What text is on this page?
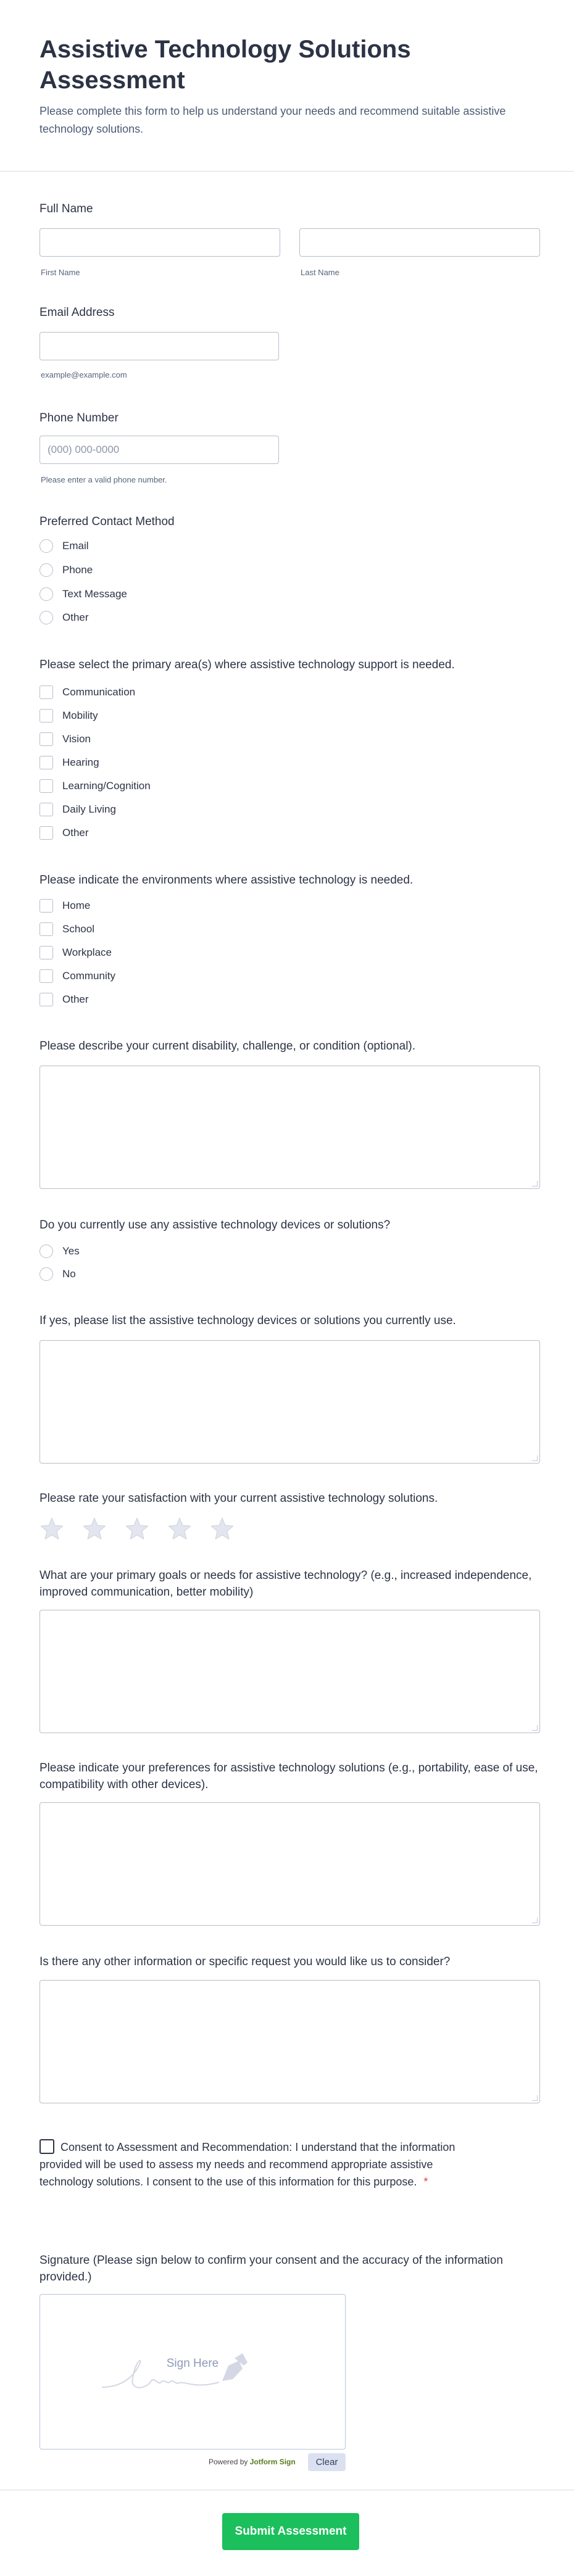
Assistive Technology Solutions Assessment
Please complete this form to help us understand your needs and recommend suitable assistive technology solutions.
Full Name
First Name	Last Name
Email Address
example@example.com
Phone Number
(000) 000-0000
Please enter a valid phone number.
Preferred Contact Method
Email
Phone
Text Message
Other
Please select the primary area(s) where assistive technology support is needed.
Communication
Mobility
Vision
Hearing
Learning/Cognition
Daily Living
Other
Please indicate the environments where assistive technology is needed.
Home
School
Workplace
Community
Other
Please describe your current disability, challenge, or condition (optional).
Do you currently use any assistive technology devices or solutions?
Yes
No
If yes, please list the assistive technology devices or solutions you currently use.
Please rate your satisfaction with your current assistive technology solutions.
What are your primary goals or needs for assistive technology? (e.g., increased independence, improved communication, better mobility)
Please indicate your preferences for assistive technology solutions (e.g., portability, ease of use, compatibility with other devices).
Is there any other information or specific request you would like us to consider?
Consent to Assessment and Recommendation: I understand that the information provided will be used to assess my needs and recommend appropriate assistive technology solutions. I consent to the use of this information for this purpose. *
Signature (Please sign below to confirm your consent and the accuracy of the information provided.)
Sign Here
Powered by Jotform Sign	Clear
Submit Assessment
